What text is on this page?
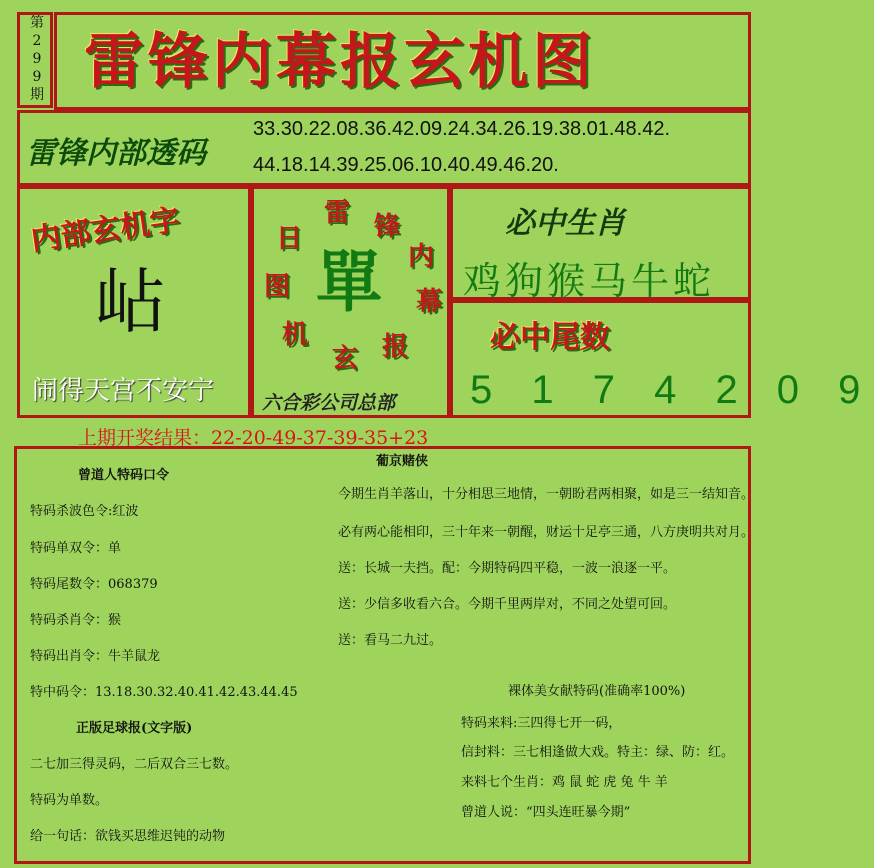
第
2
9
9
期 雷锋内幕报玄机图
雷锋内部透码
33.30.22.08.36.42.09.24.34.26.19.38.01.48.42.
44.18.14.39.25.06.10.40.49.46.20.
内部玄机字
岾
闹得天宫不安宁
雷 锋
内
幕
报
玄
机
图
日
單
六合彩公司总部
必中生肖
鸡狗猴马牛蛇
必中尾数
5 1 7 4 2 0 9
上期开奖结果：22-20-49-37-39-35+23
曾道人特码口令
特码杀波色令:红波
特码单双令：单
特码尾数令：068379
特码杀肖令：猴
特码出肖令：牛羊鼠龙
特中码令：13.18.30.32.40.41.42.43.44.45
正版足球报(文字版)
二七加三得灵码，二后双合三七数。
特码为单数。
给一句话：欲钱买思维迟钝的动物
葡京赌侠
今期生肖羊落山，十分相思三地情，一朝盼君两相聚，如是三一结知音。
必有两心能相印，三十年来一朝醒，财运十足亭三通，八方庚明共对月。
送：长城一夫挡。配：今期特码四平稳，一波一浪逐一平。
送：少信多收看六合。今期千里两岸对，不同之处望可回。
送：看马二九过。
裸体美女献特码(准确率100%)
特码来料:三四得七开一码，
信封料：三七相逢做大戏。特主：绿、防：红。
来料七个生肖：鸡 鼠 蛇 虎 兔 牛 羊
曾道人说：“四头连旺暴今期”
